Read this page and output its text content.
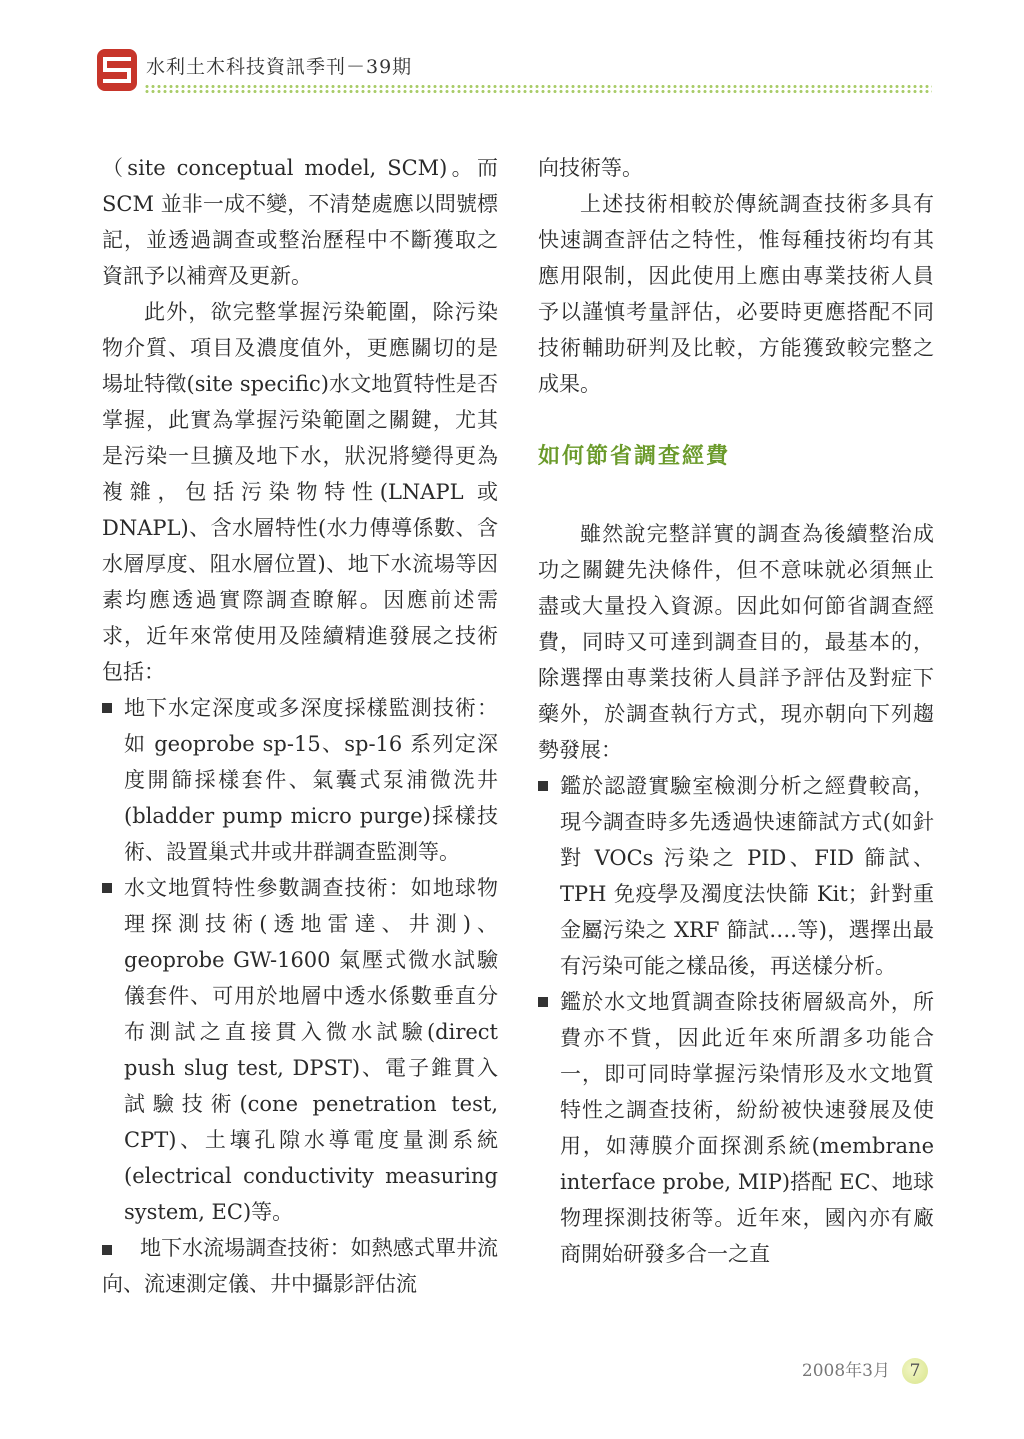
水利土木科技資訊季刊－39期

（site conceptual model, SCM)。而 SCM 並非一成不變，不清楚處應以問號標記，並透過調查或整治歷程中不斷獲取之資訊予以補齊及更新。

此外，欲完整掌握污染範圍，除污染物介質、項目及濃度值外，更應關切的是場址特徵(site specific)水文地質特性是否掌握，此實為掌握污染範圍之關鍵，尤其是污染一旦擴及地下水，狀況將變得更為複雜，包括污染物特性(LNAPL 或 DNAPL)、含水層特性(水力傳導係數、含水層厚度、阻水層位置)、地下水流場等因素均應透過實際調查瞭解。因應前述需求，近年來常使用及陸續精進發展之技術包括：

地下水定深度或多深度採樣監測技術：如 geoprobe sp-15、sp-16 系列定深度開篩採樣套件、氣囊式泵浦微洗井(bladder pump micro purge)採樣技術、設置巢式井或井群調查監測等。
水文地質特性參數調查技術：如地球物理探測技術(透地雷達、井測)、geoprobe GW-1600 氣壓式微水試驗儀套件、可用於地層中透水係數垂直分布測試之直接貫入微水試驗(direct push slug test, DPST)、電子錐貫入試驗技術(cone penetration test, CPT)、土壤孔隙水導電度量測系統(electrical conductivity measuring system, EC)等。

地下水流場調查技術：如熱感式單井流向、流速測定儀、井中攝影評估流

向技術等。

上述技術相較於傳統調查技術多具有快速調查評估之特性，惟每種技術均有其應用限制，因此使用上應由專業技術人員予以謹慎考量評估，必要時更應搭配不同技術輔助研判及比較，方能獲致較完整之成果。

如何節省調查經費

雖然說完整詳實的調查為後續整治成功之關鍵先決條件，但不意味就必須無止盡或大量投入資源。因此如何節省調查經費，同時又可達到調查目的，最基本的，除選擇由專業技術人員詳予評估及對症下藥外，於調查執行方式，現亦朝向下列趨勢發展：

鑑於認證實驗室檢測分析之經費較高，現今調查時多先透過快速篩試方式(如針對 VOCs 污染之 PID、FID 篩試、TPH 免疫學及濁度法快篩 Kit；針對重金屬污染之 XRF 篩試….等)，選擇出最有污染可能之樣品後，再送樣分析。
鑑於水文地質調查除技術層級高外，所費亦不貲，因此近年來所謂多功能合一，即可同時掌握污染情形及水文地質特性之調查技術，紛紛被快速發展及使用，如薄膜介面探測系統(membrane interface probe, MIP)搭配 EC、地球物理探測技術等。近年來，國內亦有廠商開始研發多合一之直
2008年3月 7
